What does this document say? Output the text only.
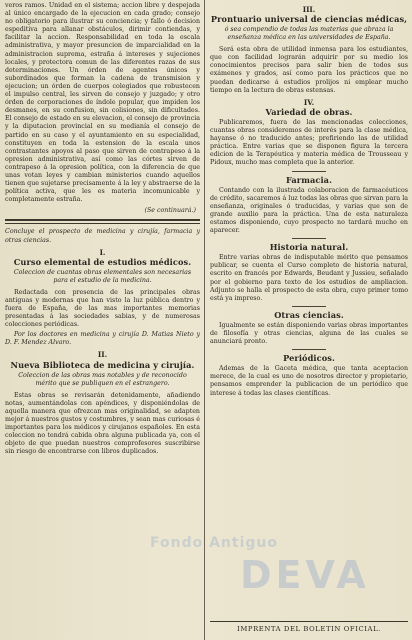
veros ramos. Unidad en el sistema; accion libre y despejada al único encargado de la ejecucion en cada grado; consejo no obligatorio para ilustrar su conciencia; y fallo ó decision espeditiva para allanar obstáculos, dirimir contiendas, y facilitar la accion. Responsabilidad en toda la escala administrativa, y mayor presuncion de imparcialidad en la administracion suprema, estraña á intereses y sujeciones locales, y protectora comun de las diferentes razas de sus determinaciones. Un órden de agentes únicos y subordinados que forman la cadena de transmision y ejecucion; un órden de cuerpos colegiados que robustecen el impulso central, les sirven de consejo y juzgado; y otro órden de corporaciones de índole popular, que impiden los desmanes, en su confusion, sin colisiones, sin dificultades. El consejo de estado en su elevacion, el consejo de provincia y la diputacion provincial en su medianía el consejo de partido en su caso y el ayuntamiento en su especialidad, constituyen en toda la estension de la escala unos contrastantes apoyos al paso que sirven de contrapeso á la opresion administrativa, así como las córtes sirven de contrapeso á la opresion política, con la diferencia de que unas votan leyes y cambian ministerios cuando aquellos tienen que sujetarse precisamente á la ley y abstraerse de la política activa, que les es materia incomunicable y completamente estraña.

(Se continuará.)

Concluye el prospecto de medicina y cirujía, farmacia y otras ciencias.

I.
Curso elemental de estudios médicos.
Coleccion de cuantas obras elementales son necesarias para el estudio de la medicina.

Redactada con presencia de las principales obras antiguas y modernas que han visto la luz pública dentro y fuera de España, de las mas importantes memorias presentadas á las sociedades sabias, y de numerosas colecciones periódicas.

Por los doctores en medicina y cirujía D. Matias Nieto y D. F. Mendez Alvaro.

II.
Nueva Biblioteca de medicina y cirujía.
Coleccion de las obras mas notables y de reconocido mérito que se publiquen en el estrangero.

Estas obras se revisarán detenidamente, añadiendo notas, aumentándolas con apéndices, y disponiéndolas de aquella manera que ofrezcan mas originalidad, se adapten mejor á nuestros gustos y costumbres, y sean mas curiosas é importantes para los médicos y cirujanos españoles. En esta coleccion no tendrá cabida obra alguna publicada ya, con el objeto de que puedan nuestros comprofesores suscribirse sin riesgo de encontrarse con libros duplicados.

III.
Prontuario universal de ciencias médicas,
ó sea compendio de todas las materias que abraza la enseñanza médica en las universidades de España.

Será esta obra de utilidad inmensa para los estudiantes, que con facilidad lograrán adquirir por su medio los conocimientos precisos para salir bien de todos sus exámenes y grados, así como para los prácticos que no puedan dedicarse á estudios prolijos ni emplear mucho tiempo en la lectura de obras estensas.

IV.
Variedad de obras.

Publicaremos, fuera de las mencionadas colecciones, cuantas obras consideremos de interés para la clase médica, hayanse ó no traducido antes; prefiriendo las de utilidad práctica. Entre varias que se disponen figura la tercera edicion de la Terapéutica y materia médica de Trousseau y Pidoux, mucho mas completa que la anterior.

Farmacia.

Contando con la ilustrada colaboracion de farmacéuticos de crédito, sacaremos á luz todas las obras que sirvan para la enseñanza, originales ó traducidas, y varias que son de grande auxilio para la práctica. Una de esta naturaleza estamos disponiendo, cuyo prospecto no tardará mucho en aparecer.

Historia natural.

Entre varias obras de indisputable mérito que pensamos publicar, se cuenta el Curso completo de historia natural, escrito en francés por Edwards, Beudant y Jussieu, señalado por el gobierno para texto de los estudios de ampliacion. Adjunto se halla el prospecto de esta obra, cuyo primer tomo está ya impreso.

Otras ciencias.

Igualmente se están disponiendo varias obras importantes de filosofía y otras ciencias, alguna de las cuales se anunciará pronto.

Periódicos.

Ademas de la Gaceta médica, que tanta aceptacion merece, de la cual es uno de nosotros director y propietario, pensamos emprender la publicacion de un periódico que interese á todas las clases científicas.

IMPRENTA DEL BOLETIN OFICIAL.
Fondo Antiguo
DEVA
